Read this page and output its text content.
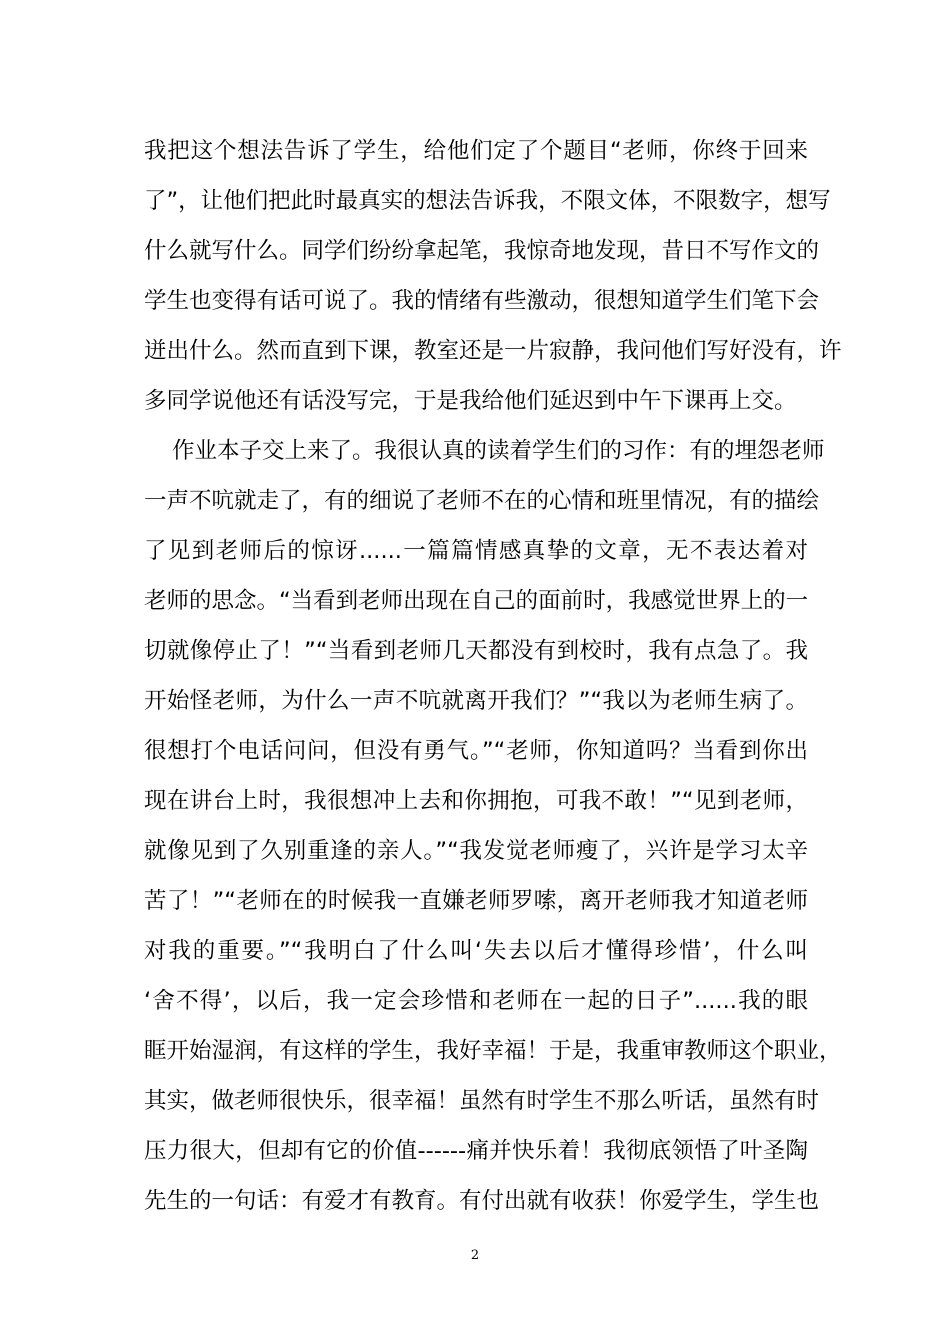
我把这个想法告诉了学生，给他们定了个题目“老师，你终于回来
了”，让他们把此时最真实的想法告诉我，不限文体，不限数字，想写
什么就写什么。同学们纷纷拿起笔，我惊奇地发现，昔日不写作文的
学生也变得有话可说了。我的情绪有些激动，很想知道学生们笔下会
迸出什么。然而直到下课，教室还是一片寂静，我问他们写好没有，许
多同学说他还有话没写完，于是我给他们延迟到中午下课再上交。
作业本子交上来了。我很认真的读着学生们的习作：有的埋怨老师
一声不吭就走了，有的细说了老师不在的心情和班里情况，有的描绘
了见到老师后的惊讶......一篇篇情感真挚的文章，无不表达着对
老师的思念。“当看到老师出现在自己的面前时，我感觉世界上的一
切就像停止了！”“当看到老师几天都没有到校时，我有点急了。我
开始怪老师，为什么一声不吭就离开我们？”“我以为老师生病了。
很想打个电话问问，但没有勇气。”“老师，你知道吗？当看到你出
现在讲台上时，我很想冲上去和你拥抱，可我不敢！”“见到老师，
就像见到了久别重逢的亲人。”“我发觉老师瘦了，兴许是学习太辛
苦了！”“老师在的时候我一直嫌老师罗嗦，离开老师我才知道老师
对我的重要。”“我明白了什么叫‘失去以后才懂得珍惜’，什么叫
‘舍不得’，以后，我一定会珍惜和老师在一起的日子”......我的眼
眶开始湿润，有这样的学生，我好幸福！于是，我重审教师这个职业，
其实，做老师很快乐，很幸福！虽然有时学生不那么听话，虽然有时
压力很大，但却有它的价值------痛并快乐着！我彻底领悟了叶圣陶
先生的一句话：有爱才有教育。有付出就有收获！你爱学生，学生也
2
